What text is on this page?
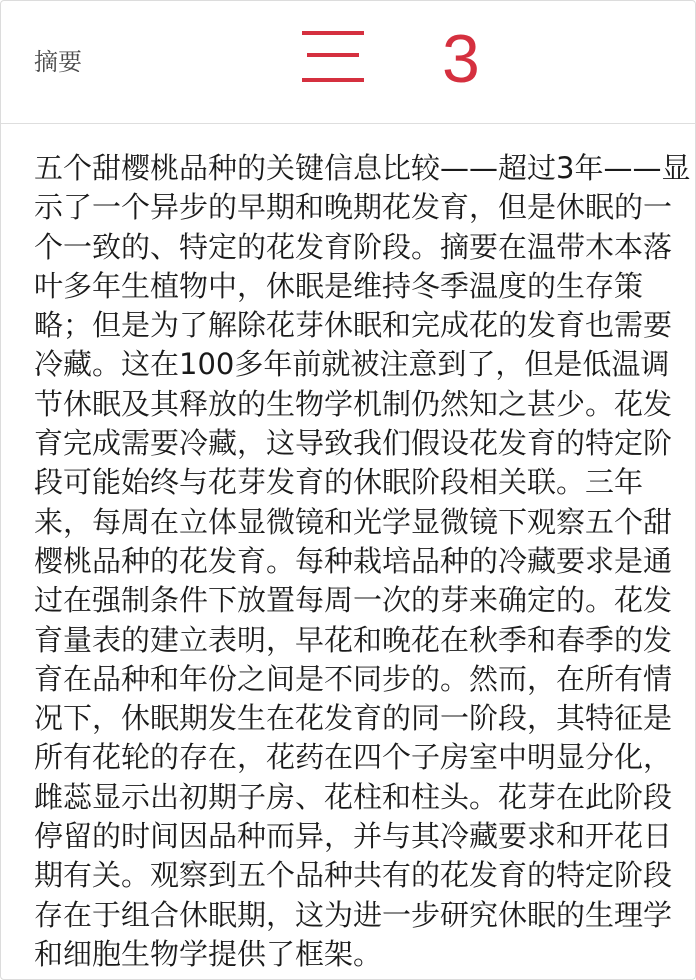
摘要	3
五个甜樱桃品种的关键信息比较——超过3年——显
示了一个异步的早期和晚期花发育，但是休眠的一
个一致的、特定的花发育阶段。摘要在温带木本落
叶多年生植物中，休眠是维持冬季温度的生存策
略；但是为了解除花芽休眠和完成花的发育也需要
冷藏。这在100多年前就被注意到了，但是低温调
节休眠及其释放的生物学机制仍然知之甚少。花发
育完成需要冷藏，这导致我们假设花发育的特定阶
段可能始终与花芽发育的休眠阶段相关联。三年
来，每周在立体显微镜和光学显微镜下观察五个甜
樱桃品种的花发育。每种栽培品种的冷藏要求是通
过在强制条件下放置每周一次的芽来确定的。花发
育量表的建立表明，早花和晚花在秋季和春季的发
育在品种和年份之间是不同步的。然而，在所有情
况下，休眠期发生在花发育的同一阶段，其特征是
所有花轮的存在，花药在四个子房室中明显分化，
雌蕊显示出初期子房、花柱和柱头。花芽在此阶段
停留的时间因品种而异，并与其冷藏要求和开花日
期有关。观察到五个品种共有的花发育的特定阶段
存在于组合休眠期，这为进一步研究休眠的生理学
和细胞生物学提供了框架。
